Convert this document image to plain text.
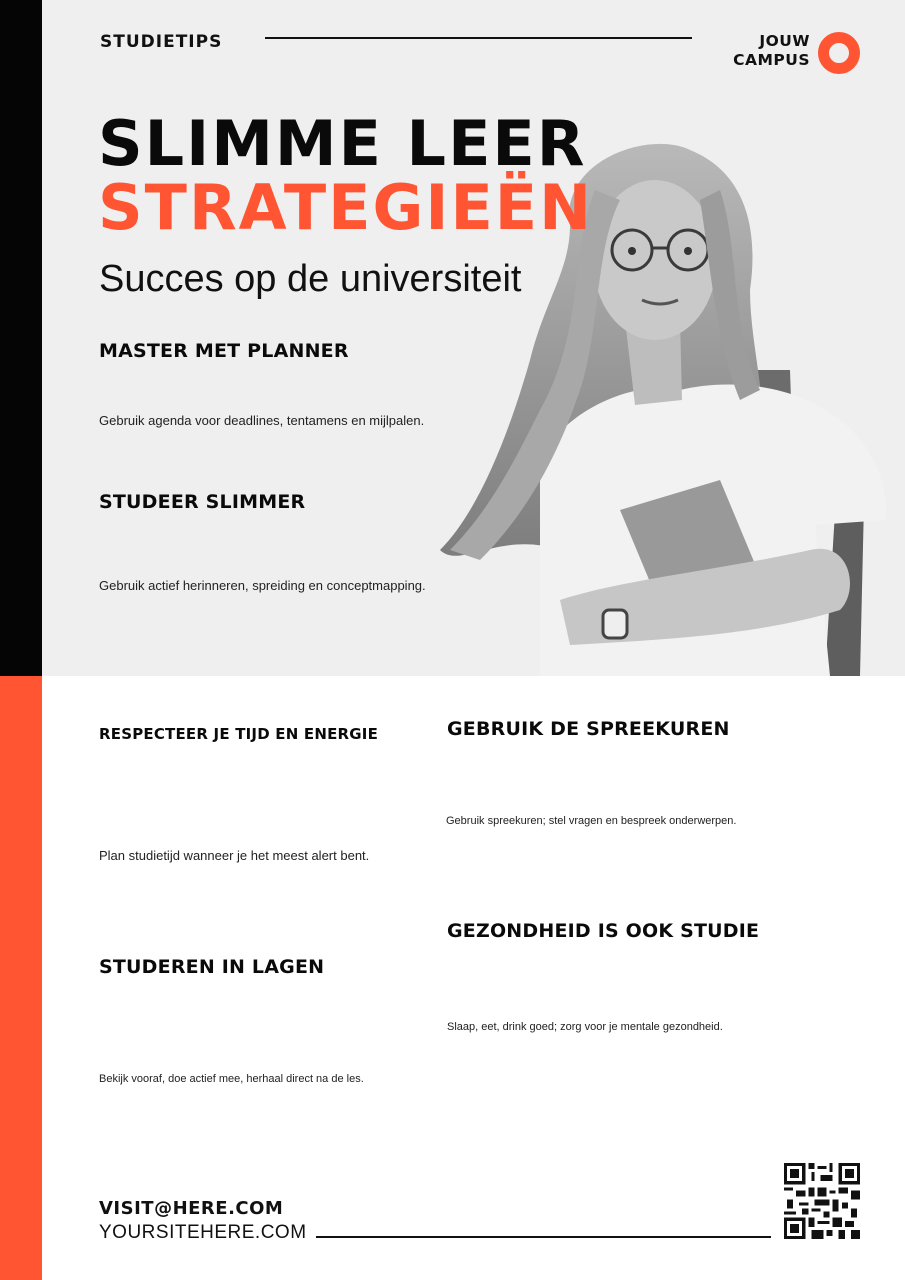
STUDIETIPS	JOUW
CAMPUS
SLIMME LEER
STRATEGIEËN
Succes op de universiteit
MASTER MET PLANNER
Gebruik agenda voor deadlines, tentamens en mijlpalen.
STUDEER SLIMMER
Gebruik actief herinneren, spreiding en conceptmapping.
RESPECTEER JE TIJD EN ENERGIE
Plan studietijd wanneer je het meest alert bent.
GEBRUIK DE SPREEKUREN
Gebruik spreekuren; stel vragen en bespreek onderwerpen.
GEZONDHEID IS OOK STUDIE
Slaap, eet, drink goed; zorg voor je mentale gezondheid.
STUDEREN IN LAGEN
Bekijk vooraf, doe actief mee, herhaal direct na de les.
VISIT@HERE.COM
YOURSITEHERE.COM
